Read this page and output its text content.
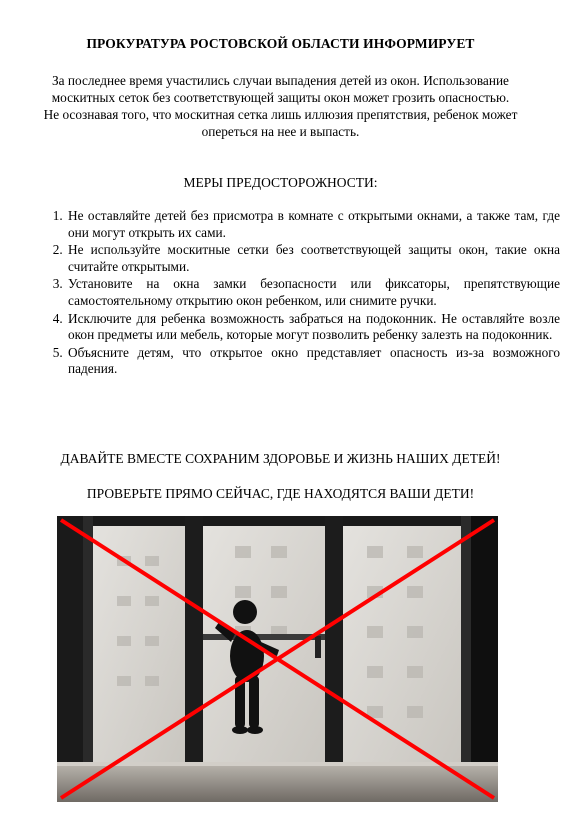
ПРОКУРАТУРА РОСТОВСКОЙ ОБЛАСТИ ИНФОРМИРУЕТ

За последнее время участились случаи выпадения детей из окон. Использование москитных сеток без соответствующей защиты окон может грозить опасностью.

Не осознавая того, что москитная сетка лишь иллюзия препятствия, ребенок может опереться на нее и выпасть.

МЕРЫ ПРЕДОСТОРОЖНОСТИ:
1. Не оставляйте детей без присмотра в комнате с открытыми окнами, а также там, где они могут открыть их сами.
2. Не используйте москитные сетки без соответствующей защиты окон, такие окна считайте открытыми.
3. Установите на окна замки безопасности или фиксаторы, препятствующие самостоятельному открытию окон ребенком, или снимите ручки.
4. Исключите для ребенка возможность забраться на подоконник. Не оставляйте возле окон предметы или мебель, которые могут позволить ребенку залезть на подоконник.
5. Объясните детям, что открытое окно представляет опасность из-за возможного падения.
ДАВАЙТЕ ВМЕСТЕ СОХРАНИМ ЗДОРОВЬЕ И ЖИЗНЬ НАШИХ ДЕТЕЙ!
ПРОВЕРЬТЕ ПРЯМО СЕЙЧАС, ГДЕ НАХОДЯТСЯ ВАШИ ДЕТИ!
